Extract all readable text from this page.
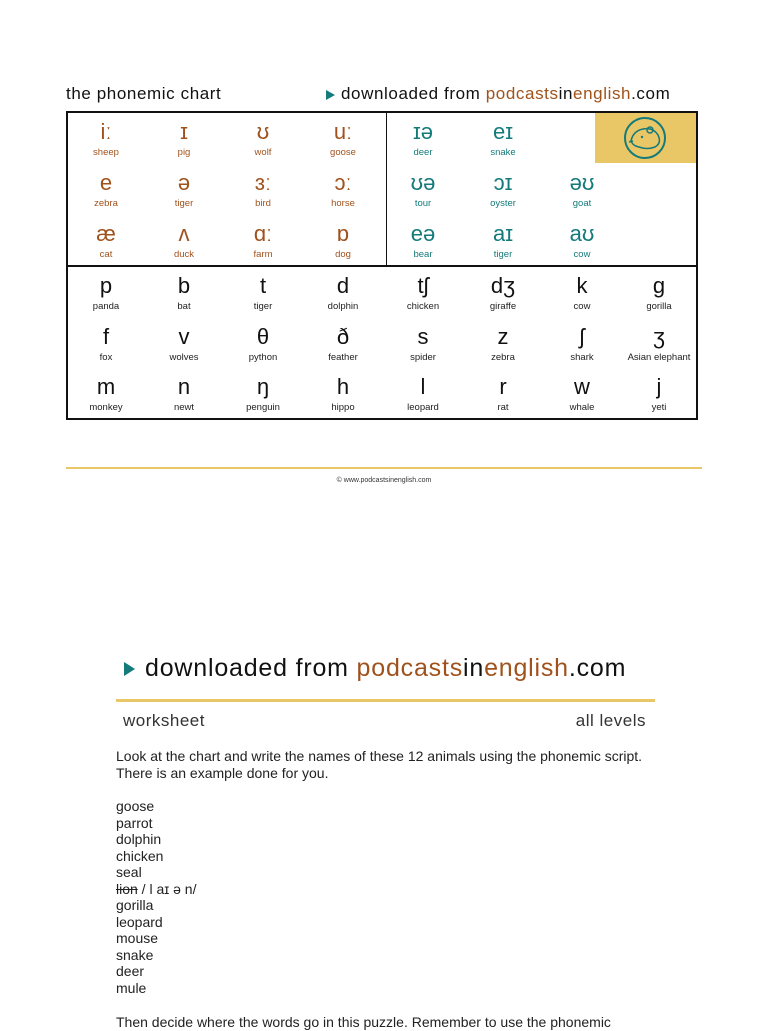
the phonemic chart	downloaded from podcastsinenglish.com
iː
sheep
ɪ
pig
ʊ
wolf
uː
goose
e
zebra
ə
tiger
ɜː
bird
ɔː
horse
æ
cat
ʌ
duck
ɑː
farm
ɒ
dog
ɪə
deer
eɪ
snake
ʊə
tour
ɔɪ
oyster
əʊ
goat
eə
bear
aɪ
tiger
aʊ
cow
p
panda
b
bat
t
tiger
d
dolphin
tʃ
chicken
dʒ
giraffe
k
cow
g
gorilla
f
fox
v
wolves
θ
python
ð
feather
s
spider
z
zebra
ʃ
shark
ʒ
Asian elephant
m
monkey
n
newt
ŋ
penguin
h
hippo
l
leopard
r
rat
w
whale
j
yeti
© www.podcastsinenglish.com
downloaded from podcastsinenglish.com
worksheet	all levels
Look at the chart and write the names of these 12 animals using the phonemic script. There is an example done for you.
goose
parrot
dolphin
chicken
seal
lion / l aɪ ə n/
gorilla
leopard
mouse
snake
deer
mule
Then decide where the words go in this puzzle. Remember to use the phonemic
